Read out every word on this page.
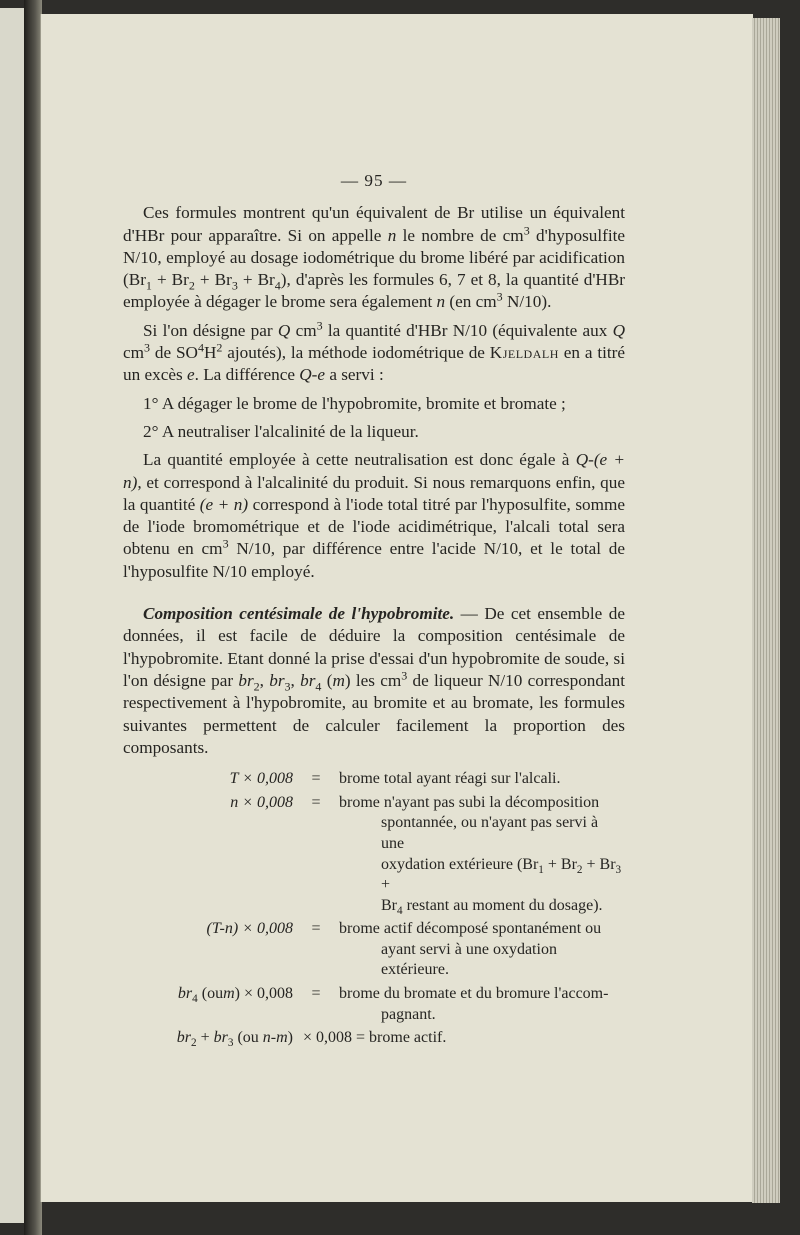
— 95 —

Ces formules montrent qu'un équivalent de Br utilise un équivalent d'HBr pour apparaître. Si on appelle n le nombre de $cm^3$ d'hyposulfite N/10, employé au dosage iodométrique du brome libéré par acidification $(Br_1 + Br_2 + Br_3 + Br_4)$, d'après les formules 6, 7 et 8, la quantité d'HBr employée à dégager le brome sera également n (en $cm^3$ N/10).

Si l'on désigne par Q $cm^3$ la quantité d'HBr N/10 (équivalente aux Q $cm^3$ de $SO^4H^2$ ajoutés), la méthode iodométrique de Kjeldalh en a titré un excès e. La différence Q-e a servi :

1° A dégager le brome de l'hypobromite, bromite et bromate ;

2° A neutraliser l'alcalinité de la liqueur.

La quantité employée à cette neutralisation est donc égale à Q-(e + n), et correspond à l'alcalinité du produit. Si nous remarquons enfin, que la quantité (e + n) correspond à l'iode total titré par l'hyposulfite, somme de l'iode bromométrique et de l'iode acidimétrique, l'alcali total sera obtenu en $cm^3$ N/10, par différence entre l'acide N/10, et le total de l'hyposulfite N/10 employé.

Composition centésimale de l'hypobromite. — De cet ensemble de données, il est facile de déduire la composition centésimale de l'hypobromite. Etant donné la prise d'essai d'un hypobromite de soude, si l'on désigne par $br_2$, $br_3$, $br_4$ (m) les $cm^3$ de liqueur N/10 correspondant respectivement à l'hypobromite, au bromite et au bromate, les formules suivantes permettent de calculer facilement la proportion des composants.

T × 0,008	=	brome total ayant réagi sur l'alcali.
n × 0,008	=	brome n'ayant pas subi la décomposition
spontannée, ou n'ayant pas servi à une
oxydation extérieure ($Br_1 + Br_2 + Br_3$ +
$Br_4$ restant au moment du dosage).
(T-n) × 0,008	=	brome actif décomposé spontanément ou
ayant servi à une oxydation extérieure.
$br_4$ (oum) × 0,008	=	brome du bromate et du bromure l'accom-
pagnant.
$br_2 + br_3$ (ou n-m) × 0,008 = brome actif.
